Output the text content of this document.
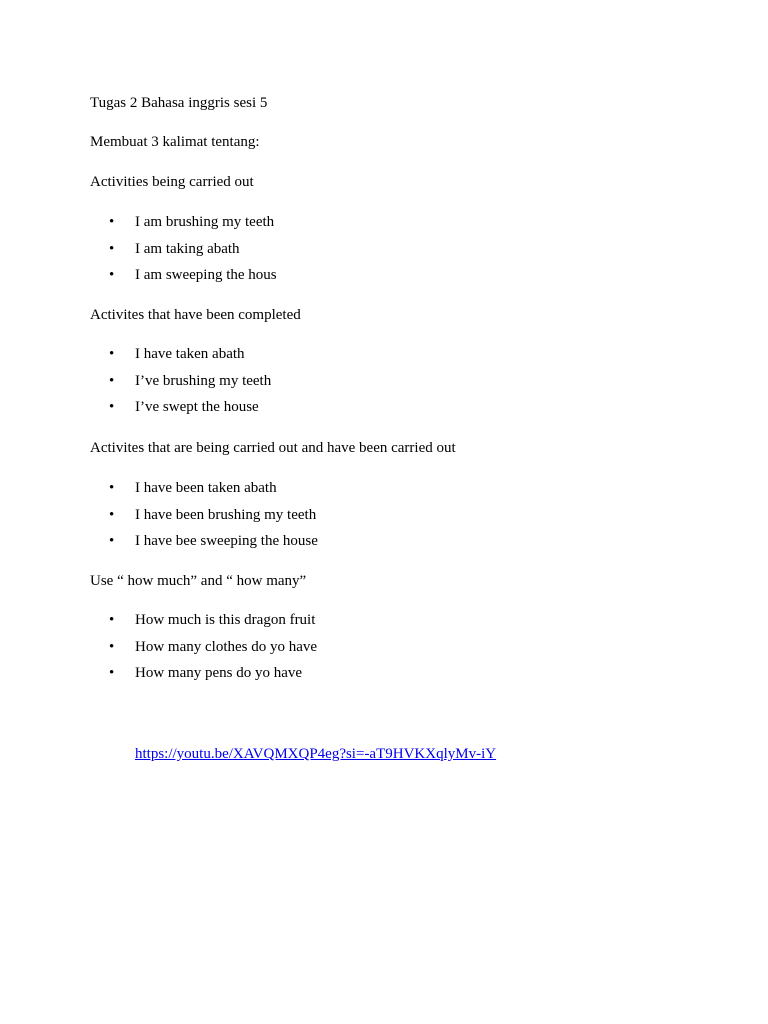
Tugas 2 Bahasa inggris sesi 5

Membuat 3 kalimat tentang:

Activities being carried out

• I am brushing my teeth
• I am taking abath
• I am sweeping the hous

Activites that have been completed

• I have taken abath
• I’ve brushing my teeth
• I’ve swept the house

Activites that are being carried out and have been carried out

• I have been taken abath
• I have been brushing my teeth
• I have bee sweeping the house

Use “ how much” and “ how many”

• How much is this dragon fruit
• How many clothes do yo have
• How many pens do yo have
https://youtu.be/XAVQMXQP4eg?si=-aT9HVKXqlyMv-iY
